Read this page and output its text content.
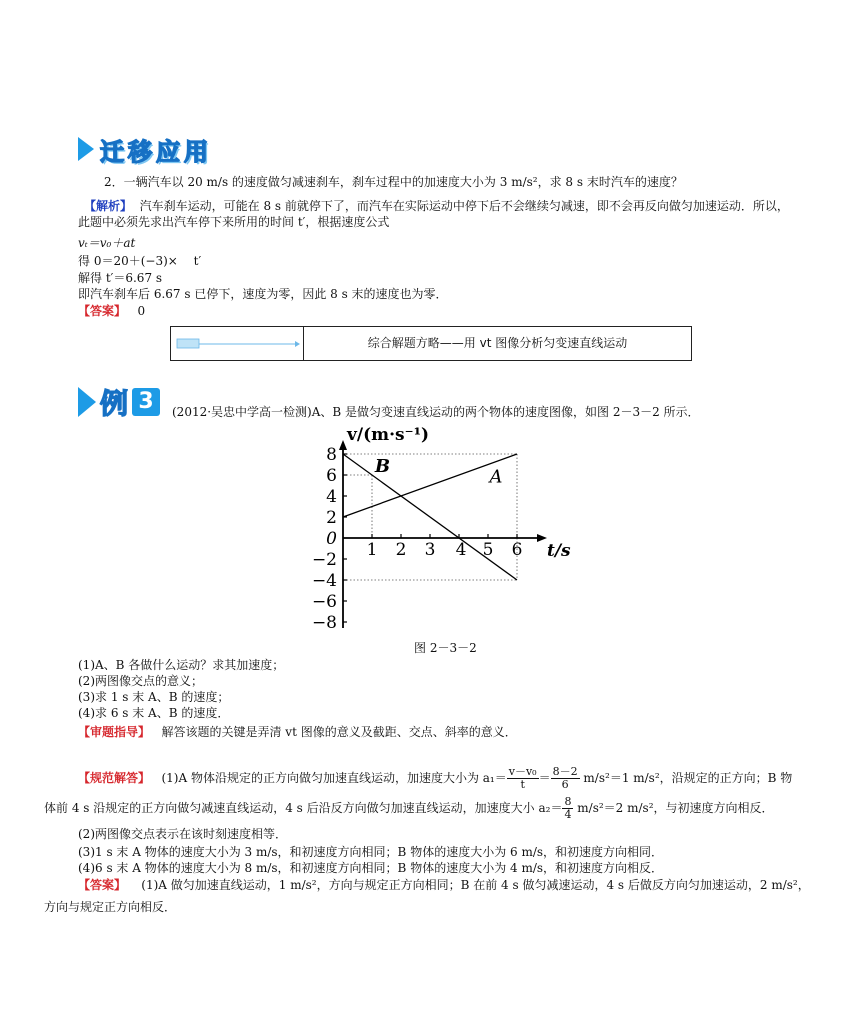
迁移应用
2．一辆汽车以 20 m/s 的速度做匀减速刹车，刹车过程中的加速度大小为 3 m/s²，求 8 s 末时汽车的速度？
【解析】 汽车刹车运动，可能在 8 s 前就停下了，而汽车在实际运动中停下后不会继续匀减速，即不会再反向做匀加速运动．所以，
此题中必须先求出汽车停下来所用的时间 t′，根据速度公式
vₜ＝v₀＋at
得 0＝20＋(−3)×　 t′
解得 t′＝6.67 s
即汽车刹车后 6.67 s 已停下，速度为零，因此 8 s 末的速度也为零．
【答案】 0
综合解题方略——用 vt 图像分析匀变速直线运动
例 3	(2012·吴忠中学高一检测)A、B 是做匀变速直线运动的两个物体的速度图像，如图 2－3－2 所示．
1 2 3 4 5 6
8
6
4
2
0
−2
−4
−6
−8
A
B
v/(m·s⁻¹)
t/s
图 2－3－2
(1)A、B 各做什么运动？求其加速度；
(2)两图像交点的意义；
(3)求 1 s 末 A、B 的速度；
(4)求 6 s 末 A、B 的速度．
【审题指导】 解答该题的关键是弄清 vt 图像的意义及截距、交点、斜率的意义．
【规范解答】 (1)A 物体沿规定的正方向做匀加速直线运动，加速度大小为 $a_1= \frac{\text{v－v₀}}{t} = \frac{8-2}{6} m/s^2=1$ m/s²，沿规定的正方向；B 物
体前 4 s 沿规定的正方向做匀减速直线运动，4 s 后沿反方向做匀加速直线运动，加速度大小 $a_2= \frac{8}{4} m/s^2=2$ m/s²，与初速度方向相反．
(2)两图像交点表示在该时刻速度相等．
(3)1 s 末 A 物体的速度大小为 3 m/s，和初速度方向相同；B 物体的速度大小为 6 m/s，和初速度方向相同．
(4)6 s 末 A 物体的速度大小为 8 m/s，和初速度方向相同；B 物体的速度大小为 4 m/s，和初速度方向相反．
【答案】 (1)A 做匀加速直线运动，1 m/s²，方向与规定正方向相同；B 在前 4 s 做匀减速运动，4 s 后做反方向匀加速运动，2 m/s²，
方向与规定正方向相反．
